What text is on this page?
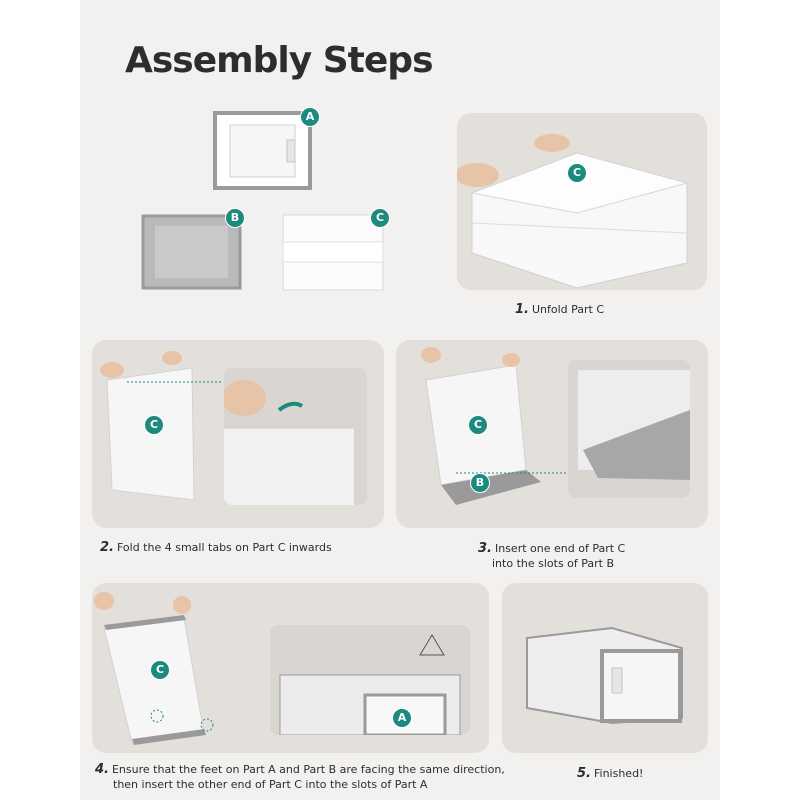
Assembly Steps
A
B	C
C
1. Unfold Part C
C
2. Fold the 4 small tabs on Part C inwards
C
B
3. Insert one end of Part C
into the slots of Part B
C
A
4. Ensure that the feet on Part A and Part B are facing the same direction,
then insert the other end of Part C into the slots of Part A
5. Finished!
